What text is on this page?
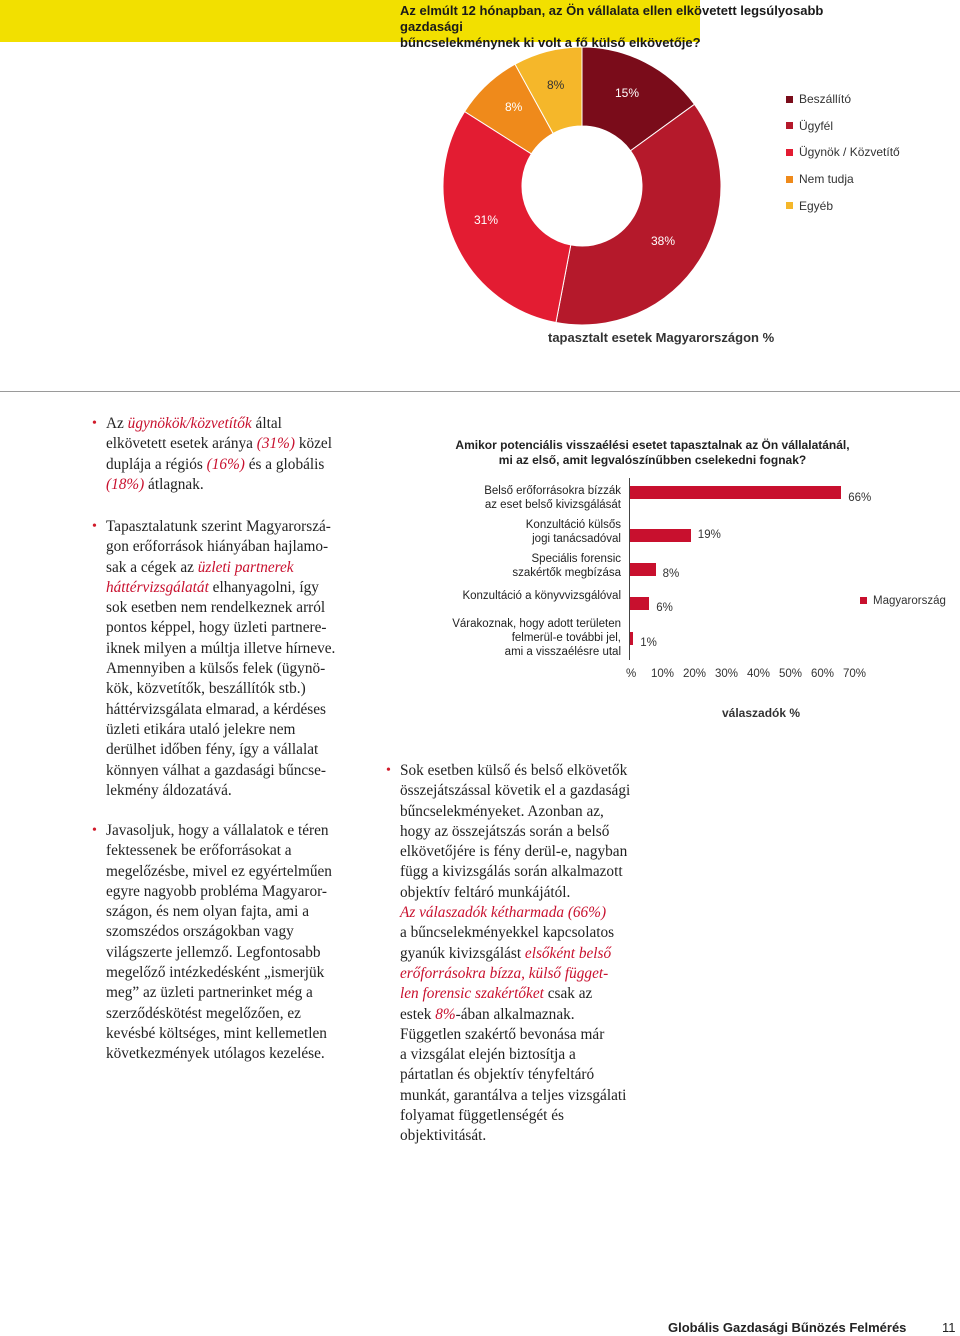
Az elmúlt 12 hónapban, az Ön vállalata ellen elkövetett legsúlyosabb gazdasági
bűncselekménynek ki volt a fő külső elkövetője?
15%
38%
31%
8%
8%
Beszállító
Ügyfél
Ügynök / Közvetítő
Nem tudja
Egyéb
tapasztalt esetek Magyarországon %
• Az ügynökök/közvetítők által
elkövetett esetek aránya (31%) közel
duplája a régiós (16%) és a globális
(18%) átlagnak.
• Tapasztalatunk szerint Magyarorszá-
gon erőforrások hiányában hajlamo-
sak a cégek az üzleti partnerek
háttérvizsgálatát elhanyagolni, így
sok esetben nem rendelkeznek arról
pontos képpel, hogy üzleti partnere-
iknek milyen a múltja illetve hírneve.
Amennyiben a külsős felek (ügynö-
kök, közvetítők, beszállítók stb.)
háttérvizsgálata elmarad, a kérdéses
üzleti etikára utaló jelekre nem
derülhet időben fény, így a vállalat
könnyen válhat a gazdasági bűncse-
lekmény áldozatává.
• Javasoljuk, hogy a vállalatok e téren
fektessenek be erőforrásokat a
megelőzésbe, mivel ez egyértelműen
egyre nagyobb probléma Magyaror-
szágon, és nem olyan fajta, ami a
szomszédos országokban vagy
világszerte jellemző. Legfontosabb
megelőző intézkedésként „ismerjük
meg” az üzleti partnerinket még a
szerződéskötést megelőzően, ez
kevésbé költséges, mint kellemetlen
következmények utólagos kezelése.
Amikor potenciális visszaélési esetet tapasztalnak az Ön vállalatánál,
mi az első, amit legvalószínűbben cselekedni fognak?
Belső erőforrásokra bízzák
az eset belső kivizsgálását
Konzultáció külsős
jogi tanácsadóval
Speciális forensic
szakértők megbízása
Konzultáció a könyvvizsgálóval
Várakoznak, hogy adott területen
felmerül-e további jel,
ami a visszaélésre utal
66%
19%
8%
6%
1%
Magyarország
% 10% 20% 30% 40% 50% 60% 70%
válaszadók %
• Sok esetben külső és belső elkövetők
összejátszással követik el a gazdasági
bűncselekményeket. Azonban az,
hogy az összejátszás során a belső
elkövetőjére is fény derül-e, nagyban
függ a kivizsgálás során alkalmazott
objektív feltáró munkájától.
Az válaszadók kétharmada (66%)
a bűncselekményekkel kapcsolatos
gyanúk kivizsgálást elsőként belső
erőforrásokra bízza, külső függet-
len forensic szakértőket csak az
estek 8%-ában alkalmaznak.
Független szakértő bevonása már
a vizsgálat elején biztosítja a
pártatlan és objektív tényfeltáró
munkát, garantálva a teljes vizsgálati
folyamat függetlenségét és
objektivitását.
Globális Gazdasági Bűnözés Felmérés	11
